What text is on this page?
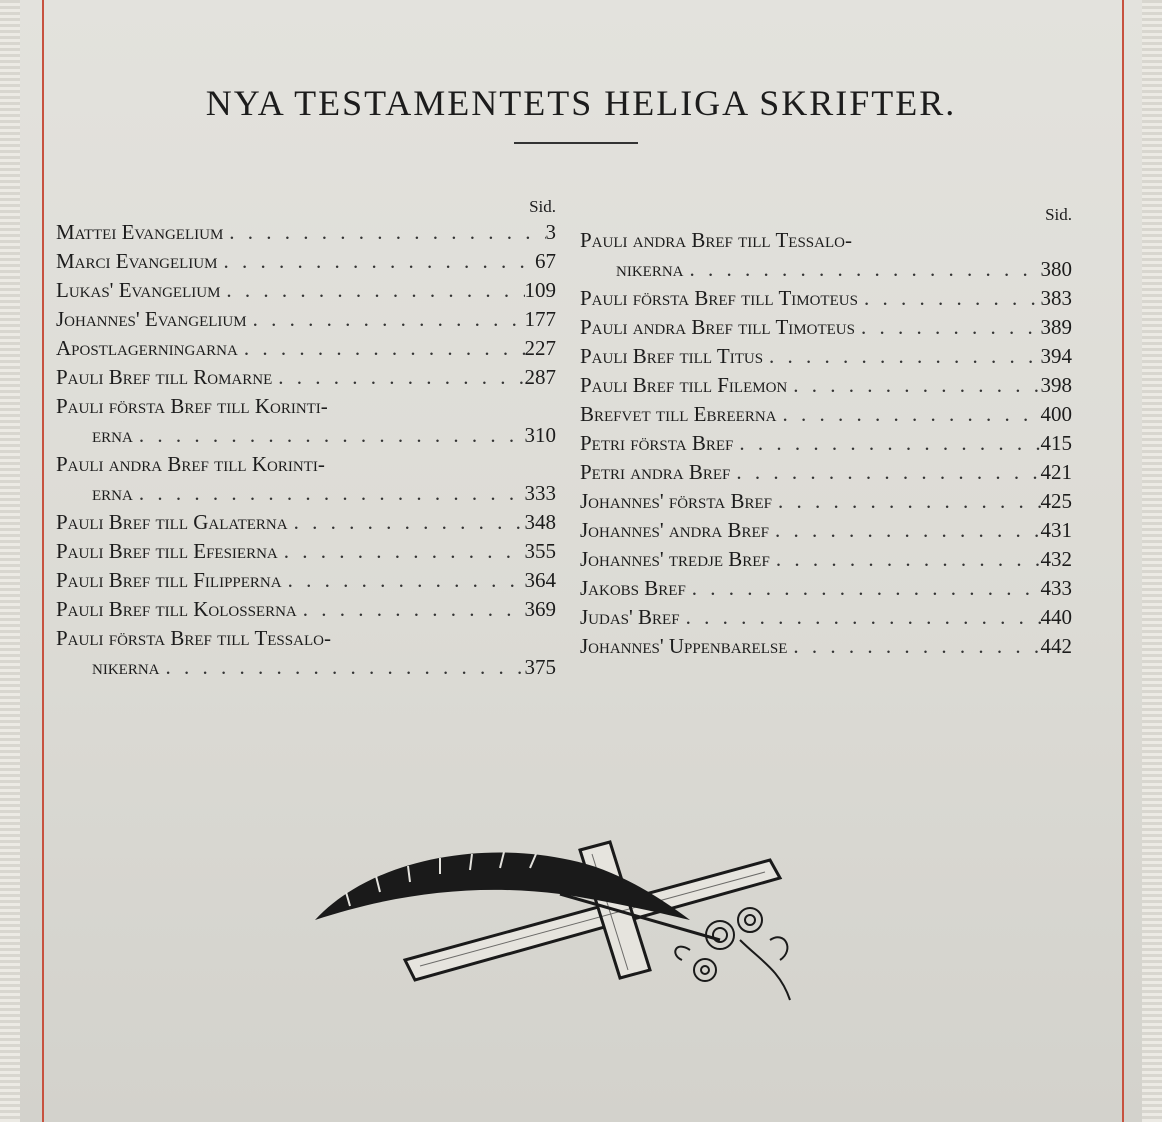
NYA TESTAMENTETS HELIGA SKRIFTER.
Sid.
Mattei Evangelium . . .	3
Marci Evangelium . . .	67
Lukas' Evangelium . . .	109
Johannes' Evangelium . . .	177
Apostlagerningarna . . .	227
Pauli Bref till Romarne . . .	287
Pauli första Bref till Korinti-
erna . . .	310
Pauli andra Bref till Korinti-
erna . . .	333
Pauli Bref till Galaterna . . .	348
Pauli Bref till Efesierna . . .	355
Pauli Bref till Filipperna . . .	364
Pauli Bref till Kolosserna . . .	369
Pauli första Bref till Tessalo-
nikerna . . .	375
Sid.
Pauli andra Bref till Tessalo-
nikerna . . .	380
Pauli första Bref till Timoteus . . .	383
Pauli andra Bref till Timoteus . . .	389
Pauli Bref till Titus . . .	394
Pauli Bref till Filemon . . .	398
Brefvet till Ebreerna . . .	400
Petri första Bref . . .	415
Petri andra Bref . . .	421
Johannes' första Bref . . .	425
Johannes' andra Bref . . .	431
Johannes' tredje Bref . . .	432
Jakobs Bref . . .	433
Judas' Bref . . .	440
Johannes' Uppenbarelse . . .	442
